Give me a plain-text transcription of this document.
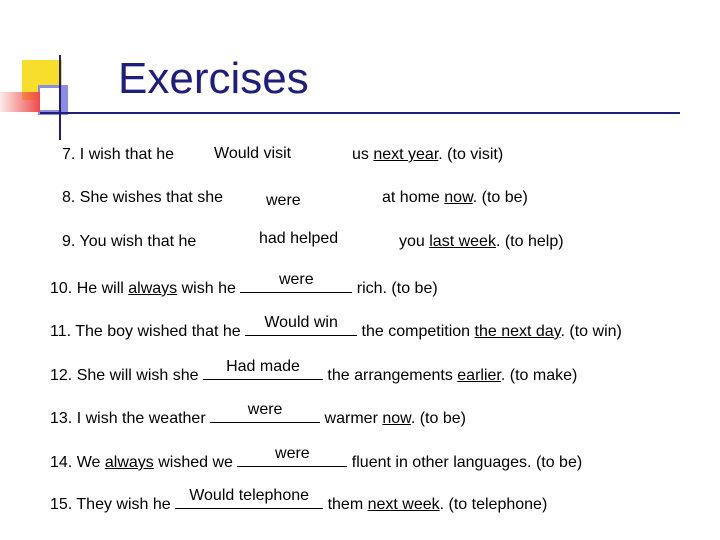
Exercises
7. I wish that he Would visit	us next year. (to visit)
8. She wishes that she	were	at home now. (to be)
9. You wish that he	had helped	you last week. (to help)
10. He will always wish he
were
rich. (to be)
11. The boy wished that he
Would win
the competition the next day. (to win)
12. She will wish she
Had made
the arrangements earlier. (to make)
13. I wish the weather
were
warmer now. (to be)
14. We always wished we
were
fluent in other languages. (to be)
15. They wish he
Would telephone
them next week. (to telephone)
